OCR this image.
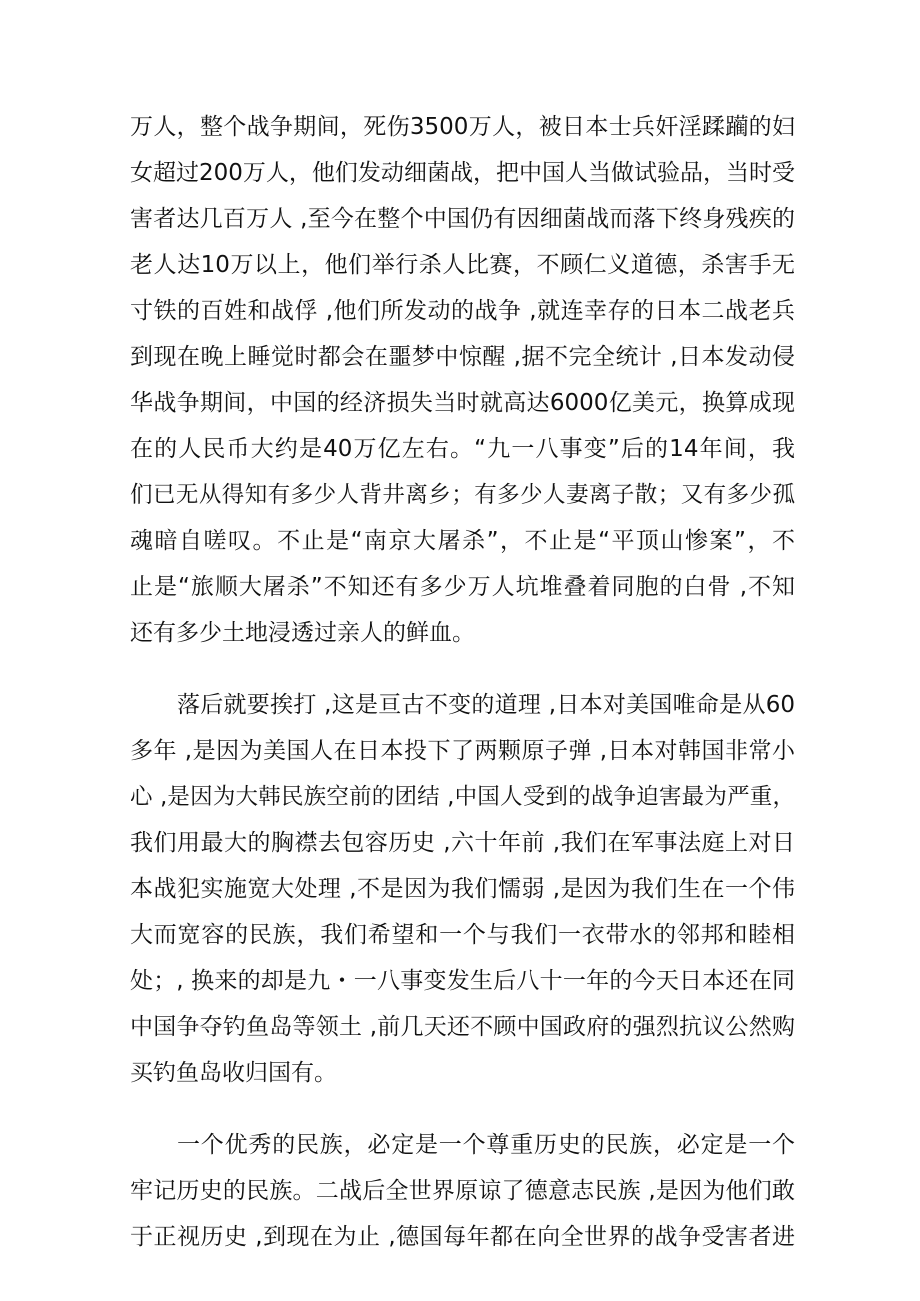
万人，整个战争期间，死伤3500万人，被日本士兵奸淫蹂躏的妇
女超过200万人，他们发动细菌战，把中国人当做试验品，当时受
害者达几百万人 ,至今在整个中国仍有因细菌战而落下终身残疾的
老人达10万以上，他们举行杀人比赛，不顾仁义道德，杀害手无
寸铁的百姓和战俘 ,他们所发动的战争 ,就连幸存的日本二战老兵
到现在晚上睡觉时都会在噩梦中惊醒 ,据不完全统计 ,日本发动侵
华战争期间，中国的经济损失当时就高达6000亿美元，换算成现
在的人民币大约是40万亿左右。“九一八事变”后的14年间，我
们已无从得知有多少人背井离乡；有多少人妻离子散；又有多少孤
魂暗自嗟叹。不止是“南京大屠杀”，不止是“平顶山惨案”，不
止是“旅顺大屠杀”不知还有多少万人坑堆叠着同胞的白骨 ,不知
还有多少土地浸透过亲人的鲜血。
落后就要挨打 ,这是亘古不变的道理 ,日本对美国唯命是从60
多年 ,是因为美国人在日本投下了两颗原子弹 ,日本对韩国非常小
心 ,是因为大韩民族空前的团结 ,中国人受到的战争迫害最为严重，
我们用最大的胸襟去包容历史 ,六十年前 ,我们在军事法庭上对日
本战犯实施宽大处理 ,不是因为我们懦弱 ,是因为我们生在一个伟
大而宽容的民族，我们希望和一个与我们一衣带水的邻邦和睦相
处；, 换来的却是九・一八事变发生后八十一年的今天日本还在同
中国争夺钓鱼岛等领土 ,前几天还不顾中国政府的强烈抗议公然购
买钓鱼岛收归国有。
一个优秀的民族，必定是一个尊重历史的民族，必定是一个
牢记历史的民族。二战后全世界原谅了德意志民族 ,是因为他们敢
于正视历史 ,到现在为止 ,德国每年都在向全世界的战争受害者进
